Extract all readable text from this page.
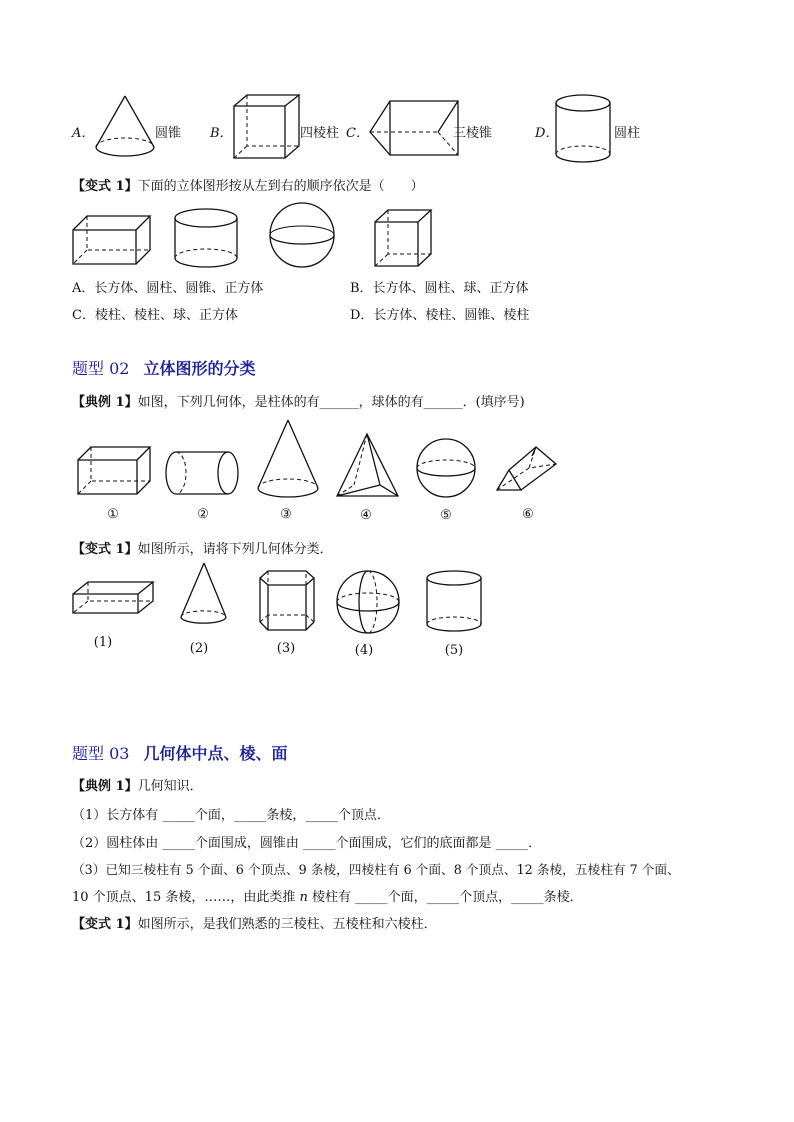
A．	圆锥 B．	四棱柱 C．	三棱锥	D．	圆柱
【变式 1】下面的立体图形按从左到右的顺序依次是（　　）
A．长方体、圆柱、圆锥、正方体	B．长方体、圆柱、球、正方体
C．棱柱、棱柱、球、正方体	D．长方体、棱柱、圆锥、棱柱
题型 02 立体图形的分类
【典例 1】如图，下列几何体，是柱体的有______，球体的有______．(填序号)
①	②	③	④	⑤	⑥
【变式 1】如图所示，请将下列几何体分类．
(1)	(2)	(3)	(4)	(5)
题型 03 几何体中点、棱、面
【典例 1】几何知识．
（1）长方体有 _____个面，_____条棱，_____个顶点．
（2）圆柱体由 _____个面围成，圆锥由 _____个面围成，它们的底面都是 _____．
（3）已知三棱柱有 5 个面、6 个顶点、9 条棱，四棱柱有 6 个面、8 个顶点、12 条棱，五棱柱有 7 个面、
10 个顶点、15 条棱，……，由此类推 n 棱柱有 _____个面，_____个顶点，_____条棱．
【变式 1】如图所示，是我们熟悉的三棱柱、五棱柱和六棱柱．
